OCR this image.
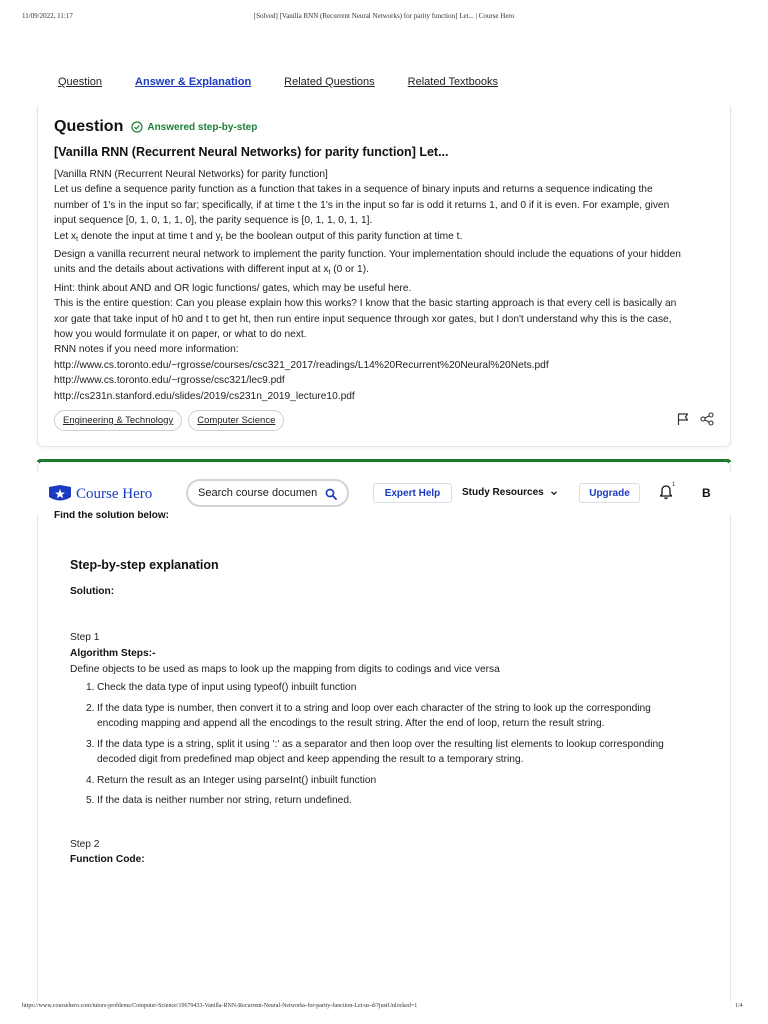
11/09/2022, 11:17	[Solved] [Vanilla RNN (Recurrent Neural Networks) for parity function] Let... | Course Hero
Question	Answer & Explanation	Related Questions	Related Textbooks
Question Answered step-by-step
[Vanilla RNN (Recurrent Neural Networks) for parity function] Let...

[Vanilla RNN (Recurrent Neural Networks) for parity function]

Let us define a sequence parity function as a function that takes in a sequence of binary inputs and returns a sequence indicating the

number of 1's in the input so far; specifically, if at time t the 1's in the input so far is odd it returns 1, and 0 if it is even. For example, given

input sequence [0, 1, 0, 1, 1, 0], the parity sequence is [0, 1, 1, 0, 1, 1].

Let $x_t$ denote the input at time t and $y_t$ be the boolean output of this parity function at time t.

Design a vanilla recurrent neural network to implement the parity function. Your implementation should include the equations of your hidden

units and the details about activations with different input at $x_t$ (0 or 1).

Hint: think about AND and OR logic functions/ gates, which may be useful here.

This is the entire question: Can you please explain how this works? I know that the basic starting approach is that every cell is basically an

xor gate that take input of h0 and t to get ht, then run entire input sequence through xor gates, but I don't understand why this is the case,

how you would formulate it on paper, or what to do next.

RNN notes if you need more information:

http://www.cs.toronto.edu/~rgrosse/courses/csc321_2017/readings/L14%20Recurrent%20Neural%20Nets.pdf

http://www.cs.toronto.edu/~rgrosse/csc321/lec9.pdf

http://cs231n.stanford.edu/slides/2019/cs231n_2019_lecture10.pdf

Engineering & Technology	Computer Science
Course Hero
Search course documen	Expert Help	Study Resources	Upgrade
1
B
Find the solution below:
Step-by-step explanation
Solution:
Step 1
Algorithm Steps:-
Define objects to be used as maps to look up the mapping from digits to codings and vice versa
1. Check the data type of input using typeof() inbuilt function
2. If the data type is number, then convert it to a string and loop over each character of the string to look up the corresponding
encoding mapping and append all the encodings to the result string. After the end of loop, return the result string.
3. If the data type is a string, split it using ':' as a separator and then loop over the resulting list elements to lookup corresponding
decoded digit from predefined map object and keep appending the result to a temporary string.
4. Return the result as an Integer using parseInt() inbuilt function
5. If the data is neither number nor string, return undefined.
Step 2
Function Code:
https://www.coursehero.com/tutors-problems/Computer-Science/19679433-Vanilla-RNN-Recurrent-Neural-Networks-for-parity-function-Let-us-d/?justUnlocked=1	1/4
